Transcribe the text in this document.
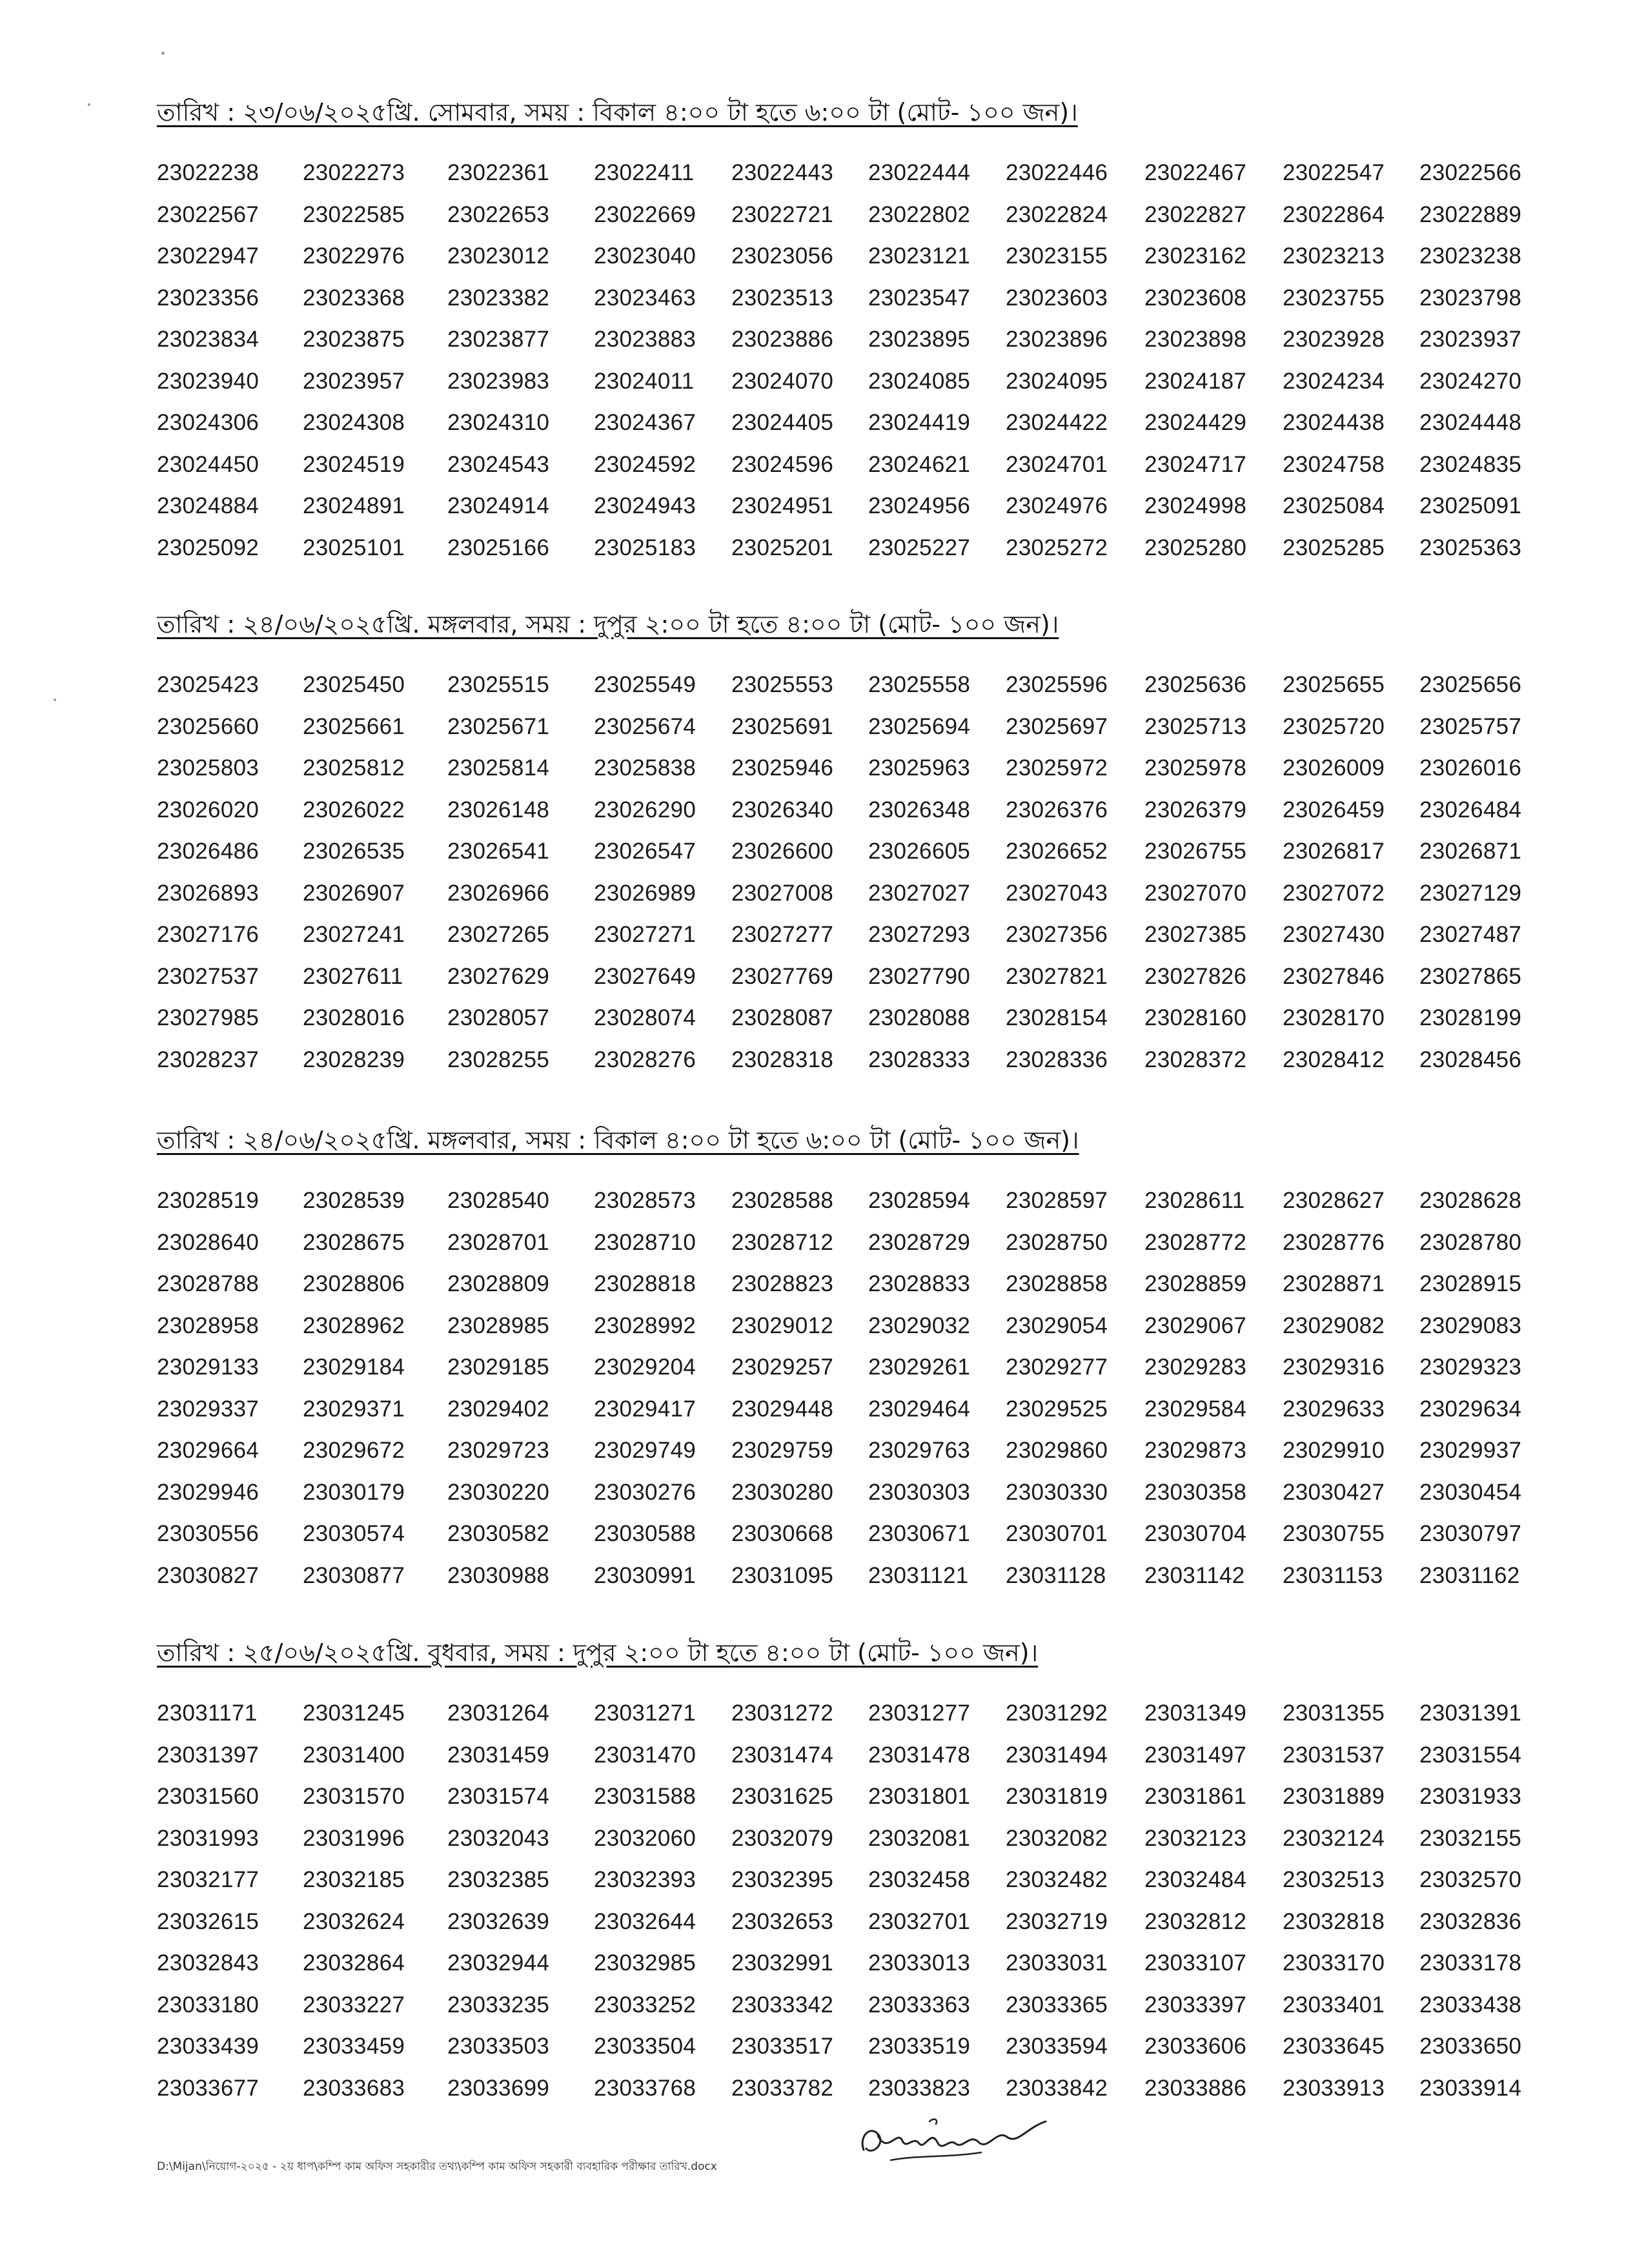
তারিখ : ২৩/০৬/২০২৫খ্রি. সোমবার, সময় : বিকাল ৪:০০ টা হতে ৬:০০ টা (মোট- ১০০ জন)।
23022238 23022273 23022361 23022411 23022443 23022444 23022446 23022467 23022547 23022566
23022567 23022585 23022653 23022669 23022721 23022802 23022824 23022827 23022864 23022889
23022947 23022976 23023012 23023040 23023056 23023121 23023155 23023162 23023213 23023238
23023356 23023368 23023382 23023463 23023513 23023547 23023603 23023608 23023755 23023798
23023834 23023875 23023877 23023883 23023886 23023895 23023896 23023898 23023928 23023937
23023940 23023957 23023983 23024011 23024070 23024085 23024095 23024187 23024234 23024270
23024306 23024308 23024310 23024367 23024405 23024419 23024422 23024429 23024438 23024448
23024450 23024519 23024543 23024592 23024596 23024621 23024701 23024717 23024758 23024835
23024884 23024891 23024914 23024943 23024951 23024956 23024976 23024998 23025084 23025091
23025092 23025101 23025166 23025183 23025201 23025227 23025272 23025280 23025285 23025363
তারিখ : ২৪/০৬/২০২৫খ্রি. মঙ্গলবার, সময় : দুপুর ২:০০ টা হতে ৪:০০ টা (মোট- ১০০ জন)।
23025423 23025450 23025515 23025549 23025553 23025558 23025596 23025636 23025655 23025656
23025660 23025661 23025671 23025674 23025691 23025694 23025697 23025713 23025720 23025757
23025803 23025812 23025814 23025838 23025946 23025963 23025972 23025978 23026009 23026016
23026020 23026022 23026148 23026290 23026340 23026348 23026376 23026379 23026459 23026484
23026486 23026535 23026541 23026547 23026600 23026605 23026652 23026755 23026817 23026871
23026893 23026907 23026966 23026989 23027008 23027027 23027043 23027070 23027072 23027129
23027176 23027241 23027265 23027271 23027277 23027293 23027356 23027385 23027430 23027487
23027537 23027611 23027629 23027649 23027769 23027790 23027821 23027826 23027846 23027865
23027985 23028016 23028057 23028074 23028087 23028088 23028154 23028160 23028170 23028199
23028237 23028239 23028255 23028276 23028318 23028333 23028336 23028372 23028412 23028456
তারিখ : ২৪/০৬/২০২৫খ্রি. মঙ্গলবার, সময় : বিকাল ৪:০০ টা হতে ৬:০০ টা (মোট- ১০০ জন)।
23028519 23028539 23028540 23028573 23028588 23028594 23028597 23028611 23028627 23028628
23028640 23028675 23028701 23028710 23028712 23028729 23028750 23028772 23028776 23028780
23028788 23028806 23028809 23028818 23028823 23028833 23028858 23028859 23028871 23028915
23028958 23028962 23028985 23028992 23029012 23029032 23029054 23029067 23029082 23029083
23029133 23029184 23029185 23029204 23029257 23029261 23029277 23029283 23029316 23029323
23029337 23029371 23029402 23029417 23029448 23029464 23029525 23029584 23029633 23029634
23029664 23029672 23029723 23029749 23029759 23029763 23029860 23029873 23029910 23029937
23029946 23030179 23030220 23030276 23030280 23030303 23030330 23030358 23030427 23030454
23030556 23030574 23030582 23030588 23030668 23030671 23030701 23030704 23030755 23030797
23030827 23030877 23030988 23030991 23031095 23031121 23031128 23031142 23031153 23031162
তারিখ : ২৫/০৬/২০২৫খ্রি. বুধবার, সময় : দুপুর ২:০০ টা হতে ৪:০০ টা (মোট- ১০০ জন)।
23031171 23031245 23031264 23031271 23031272 23031277 23031292 23031349 23031355 23031391
23031397 23031400 23031459 23031470 23031474 23031478 23031494 23031497 23031537 23031554
23031560 23031570 23031574 23031588 23031625 23031801 23031819 23031861 23031889 23031933
23031993 23031996 23032043 23032060 23032079 23032081 23032082 23032123 23032124 23032155
23032177 23032185 23032385 23032393 23032395 23032458 23032482 23032484 23032513 23032570
23032615 23032624 23032639 23032644 23032653 23032701 23032719 23032812 23032818 23032836
23032843 23032864 23032944 23032985 23032991 23033013 23033031 23033107 23033170 23033178
23033180 23033227 23033235 23033252 23033342 23033363 23033365 23033397 23033401 23033438
23033439 23033459 23033503 23033504 23033517 23033519 23033594 23033606 23033645 23033650
23033677 23033683 23033699 23033768 23033782 23033823 23033842 23033886 23033913 23033914
D:\Mijan\নিয়োগ-২০২৫ - ২য় ধাপ\কম্পি কাম অফিস সহকারীর তথ্য\কম্পি কাম অফিস সহকারী ব্যবহারিক পরীক্ষার তারিখ.docx
